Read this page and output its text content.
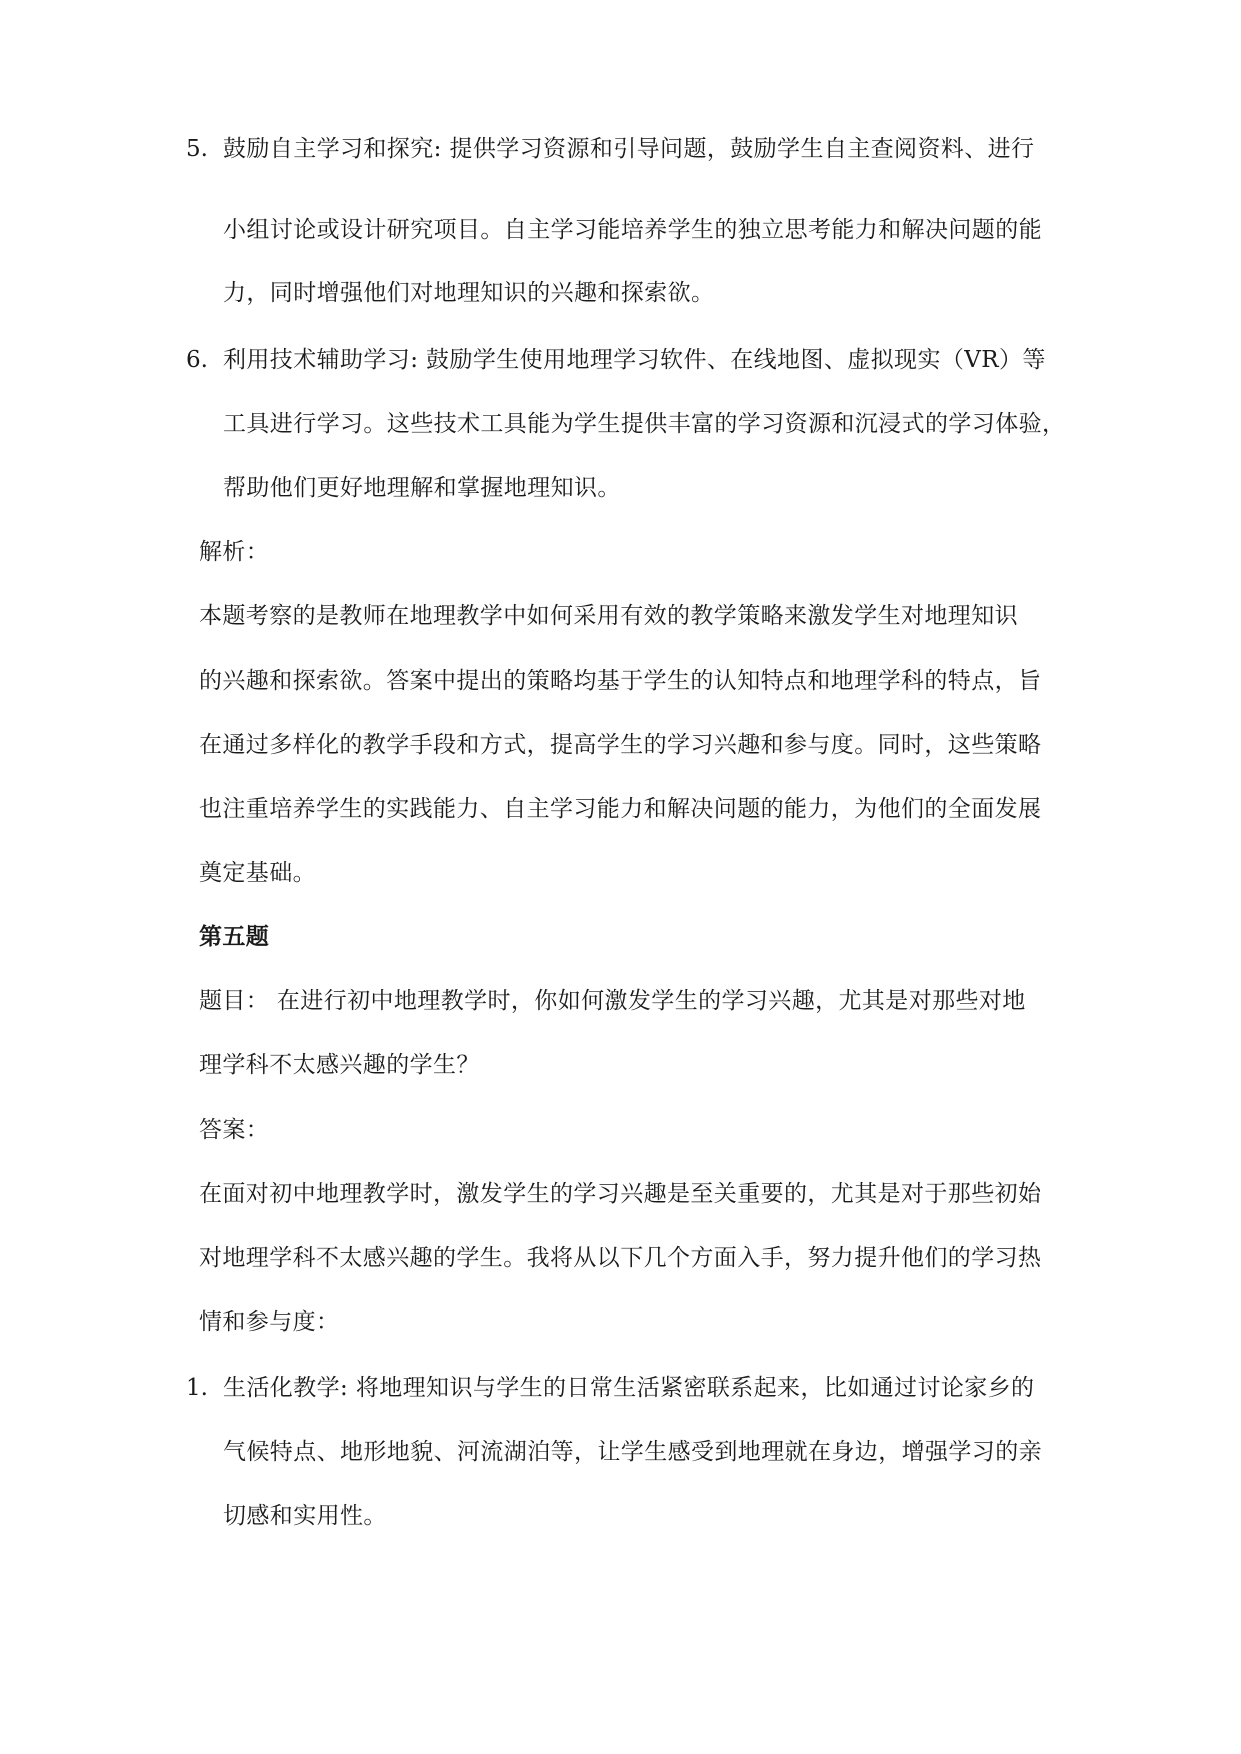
5. 鼓励自主学习和探究: 提供学习资源和引导问题，鼓励学生自主查阅资料、进行
小组讨论或设计研究项目。自主学习能培养学生的独立思考能力和解决问题的能
力，同时增强他们对地理知识的兴趣和探索欲。
6. 利用技术辅助学习: 鼓励学生使用地理学习软件、在线地图、虚拟现实（VR）等
工具进行学习。这些技术工具能为学生提供丰富的学习资源和沉浸式的学习体验，
帮助他们更好地理解和掌握地理知识。
解析：
本题考察的是教师在地理教学中如何采用有效的教学策略来激发学生对地理知识
的兴趣和探索欲。答案中提出的策略均基于学生的认知特点和地理学科的特点，旨
在通过多样化的教学手段和方式，提高学生的学习兴趣和参与度。同时，这些策略
也注重培养学生的实践能力、自主学习能力和解决问题的能力，为他们的全面发展
奠定基础。
第五题
题目： 在进行初中地理教学时，你如何激发学生的学习兴趣，尤其是对那些对地
理学科不太感兴趣的学生？
答案：
在面对初中地理教学时，激发学生的学习兴趣是至关重要的，尤其是对于那些初始
对地理学科不太感兴趣的学生。我将从以下几个方面入手，努力提升他们的学习热
情和参与度：
1. 生活化教学: 将地理知识与学生的日常生活紧密联系起来，比如通过讨论家乡的
气候特点、地形地貌、河流湖泊等，让学生感受到地理就在身边，增强学习的亲
切感和实用性。
